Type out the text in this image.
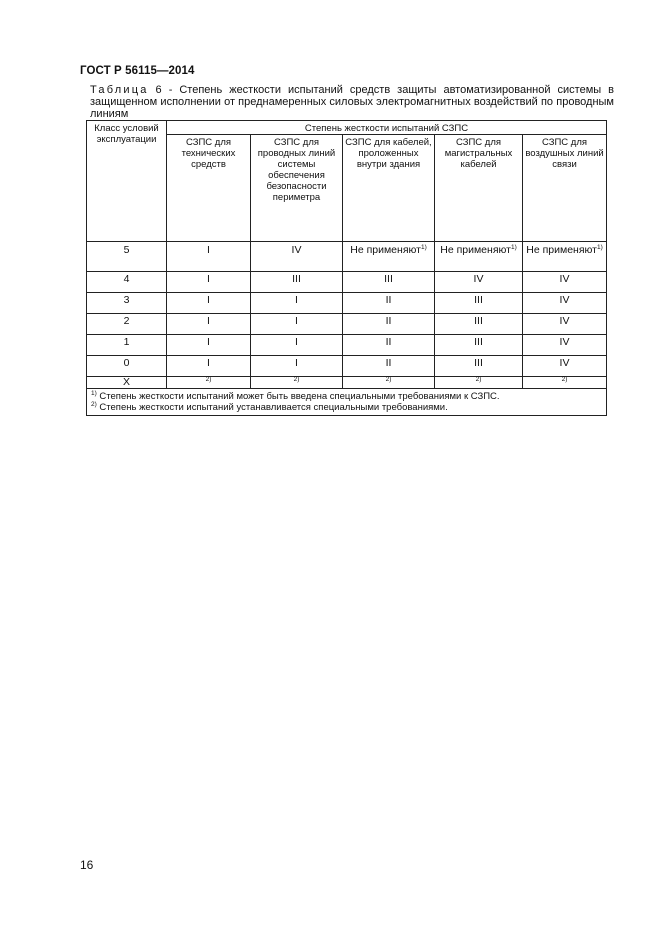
ГОСТ Р 56115—2014
Таблица 6 - Степень жесткости испытаний средств защиты автоматизированной системы в защищенном исполнении от преднамеренных силовых электромагнитных воздействий по проводным линиям
Класс условий эксплуатации	Степень жесткости испытаний СЗПС				
	СЗПС для технических средств	СЗПС для проводных линий системы обеспечения безопасности периметра	СЗПС для кабелей, проложенных внутри здания	СЗПС для магистральных кабелей	СЗПС для воздушных линий связи
5	I	IV	Не применяют$^{1)}$	Не применяют$^{1)}$	Не применяют$^{1)}$
4	I	III	III	IV	IV
3	I	I	II	III	IV
2	I	I	II	III	IV
1	I	I	II	III	IV
0	I	I	II	III	IV
X	$^{2)}$	$^{2)}$	$^{2)}$	$^{2)}$	$^{2)}$

$^{1)}$ Степень жесткости испытаний может быть введена специальными требованиями к СЗПС.
$^{2)}$ Степень жесткости испытаний устанавливается специальными требованиями.					
16
